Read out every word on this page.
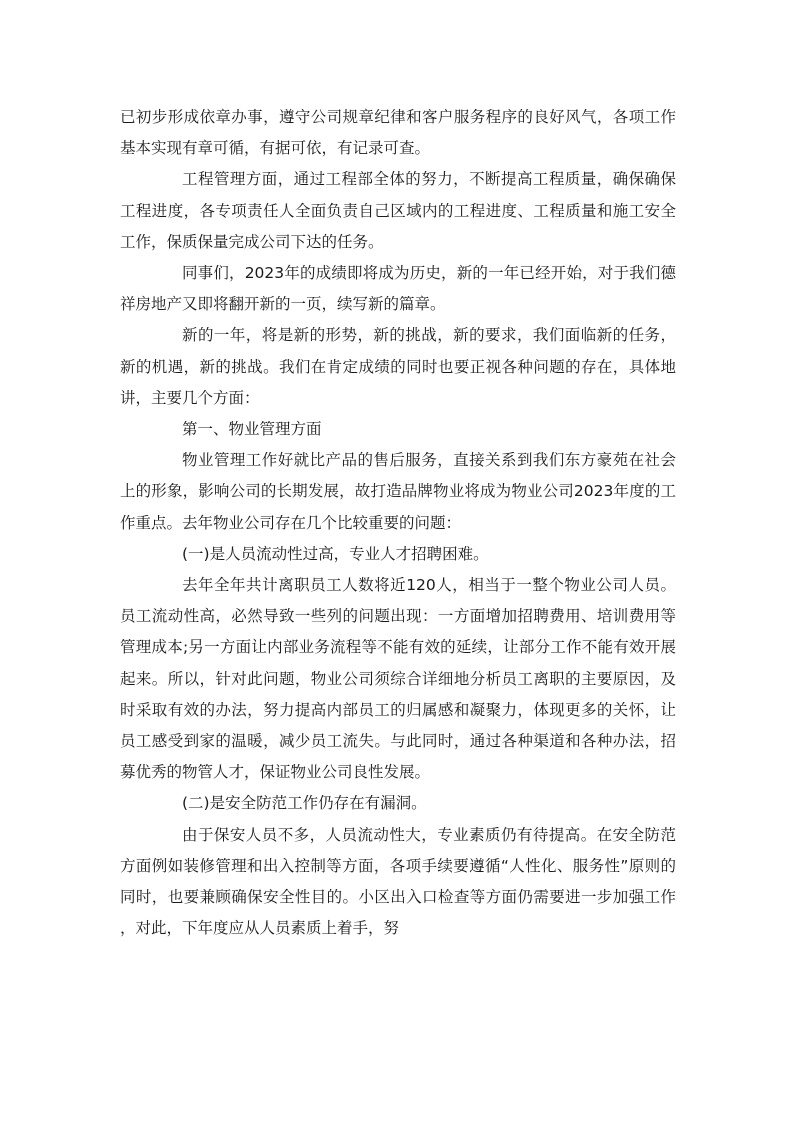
已初步形成依章办事，遵守公司规章纪律和客户服务程序的良好风气，各项工作基本实现有章可循，有据可依，有记录可查。

工程管理方面，通过工程部全体的努力，不断提高工程质量，确保确保工程进度，各专项责任人全面负责自己区域内的工程进度、工程质量和施工安全工作，保质保量完成公司下达的任务。

同事们，2023年的成绩即将成为历史，新的一年已经开始，对于我们德祥房地产又即将翻开新的一页，续写新的篇章。

新的一年，将是新的形势，新的挑战，新的要求，我们面临新的任务，新的机遇，新的挑战。我们在肯定成绩的同时也要正视各种问题的存在，具体地讲，主要几个方面：

第一、物业管理方面

物业管理工作好就比产品的售后服务，直接关系到我们东方豪苑在社会上的形象，影响公司的长期发展，故打造品牌物业将成为物业公司2023年度的工作重点。去年物业公司存在几个比较重要的问题：

(一)是人员流动性过高，专业人才招聘困难。

去年全年共计离职员工人数将近120人，相当于一整个物业公司人员。员工流动性高，必然导致一些列的问题出现：一方面增加招聘费用、培训费用等管理成本;另一方面让内部业务流程等不能有效的延续，让部分工作不能有效开展起来。所以，针对此问题，物业公司须综合详细地分析员工离职的主要原因，及时采取有效的办法，努力提高内部员工的归属感和凝聚力，体现更多的关怀，让员工感受到家的温暖，减少员工流失。与此同时，通过各种渠道和各种办法，招募优秀的物管人才，保证物业公司良性发展。

(二)是安全防范工作仍存在有漏洞。

由于保安人员不多，人员流动性大，专业素质仍有待提高。在安全防范方面例如装修管理和出入控制等方面，各项手续要遵循“人性化、服务性”原则的同时，也要兼顾确保安全性目的。小区出入口检查等方面仍需要进一步加强工作，对此，下年度应从人员素质上着手，努
